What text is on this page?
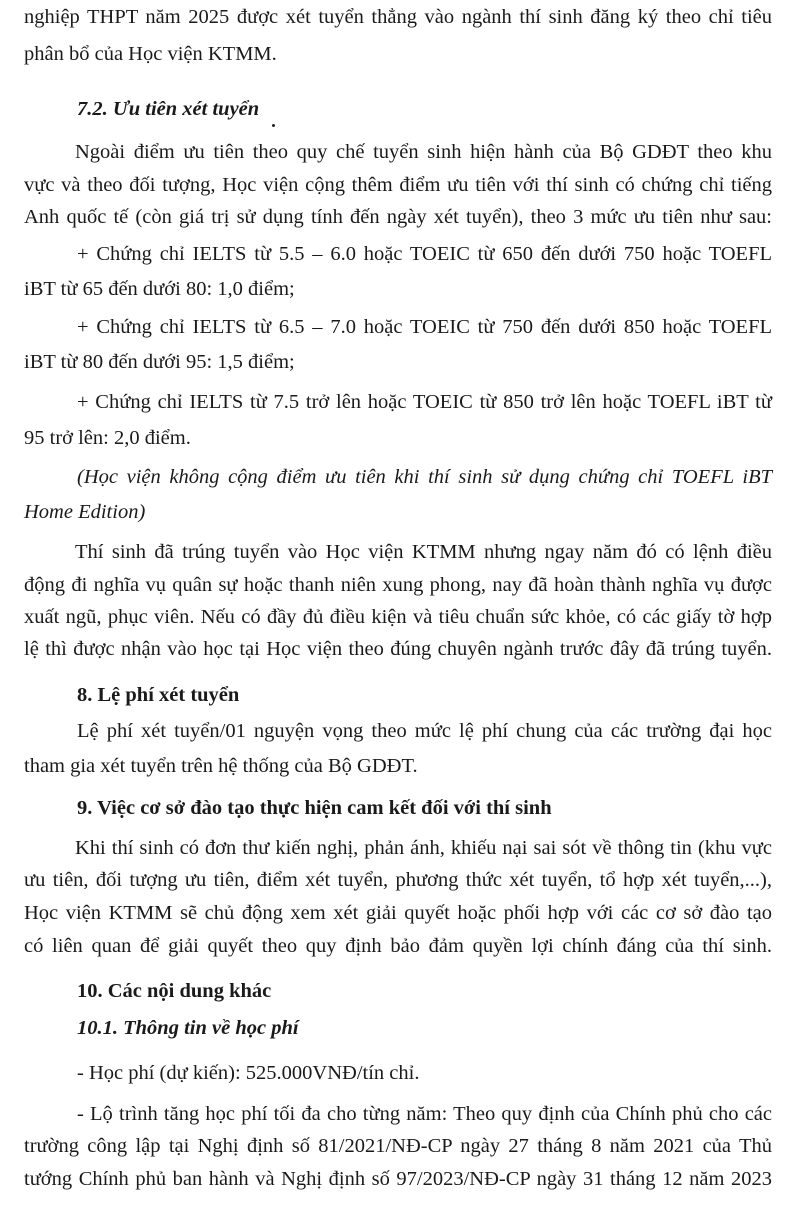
nghiệp THPT năm 2025 được xét tuyển thẳng vào ngành thí sinh đăng ký theo chỉ tiêu
phân bổ của Học viện KTMM.
7.2. Ưu tiên xét tuyển
Ngoài điểm ưu tiên theo quy chế tuyển sinh hiện hành của Bộ GDĐT theo khu
vực và theo đối tượng, Học viện cộng thêm điểm ưu tiên với thí sinh có chứng chỉ tiếng
Anh quốc tế (còn giá trị sử dụng tính đến ngày xét tuyển), theo 3 mức ưu tiên như sau:
+ Chứng chỉ IELTS từ 5.5 – 6.0 hoặc TOEIC từ 650 đến dưới 750 hoặc TOEFL
iBT từ 65 đến dưới 80: 1,0 điểm;
+ Chứng chỉ IELTS từ 6.5 – 7.0 hoặc TOEIC từ 750 đến dưới 850 hoặc TOEFL
iBT từ 80 đến dưới 95: 1,5 điểm;
+ Chứng chỉ IELTS từ 7.5 trở lên hoặc TOEIC từ 850 trở lên hoặc TOEFL iBT từ
95 trở lên: 2,0 điểm.
(Học viện không cộng điểm ưu tiên khi thí sinh sử dụng chứng chỉ TOEFL iBT
Home Edition)
Thí sinh đã trúng tuyển vào Học viện KTMM nhưng ngay năm đó có lệnh điều
động đi nghĩa vụ quân sự hoặc thanh niên xung phong, nay đã hoàn thành nghĩa vụ được
xuất ngũ, phục viên. Nếu có đầy đủ điều kiện và tiêu chuẩn sức khỏe, có các giấy tờ hợp
lệ thì được nhận vào học tại Học viện theo đúng chuyên ngành trước đây đã trúng tuyển.
8. Lệ phí xét tuyển
Lệ phí xét tuyển/01 nguyện vọng theo mức lệ phí chung của các trường đại học
tham gia xét tuyển trên hệ thống của Bộ GDĐT.
9. Việc cơ sở đào tạo thực hiện cam kết đối với thí sinh
Khi thí sinh có đơn thư kiến nghị, phản ánh, khiếu nại sai sót về thông tin (khu vực
ưu tiên, đối tượng ưu tiên, điểm xét tuyển, phương thức xét tuyển, tổ hợp xét tuyển,...),
Học viện KTMM sẽ chủ động xem xét giải quyết hoặc phối hợp với các cơ sở đào tạo
có liên quan để giải quyết theo quy định bảo đảm quyền lợi chính đáng của thí sinh.
10. Các nội dung khác
10.1. Thông tin về học phí
- Học phí (dự kiến): 525.000VNĐ/tín chỉ.
- Lộ trình tăng học phí tối đa cho từng năm: Theo quy định của Chính phủ cho các
trường công lập tại Nghị định số 81/2021/NĐ-CP ngày 27 tháng 8 năm 2021 của Thủ
tướng Chính phủ ban hành và Nghị định số 97/2023/NĐ-CP ngày 31 tháng 12 năm 2023
